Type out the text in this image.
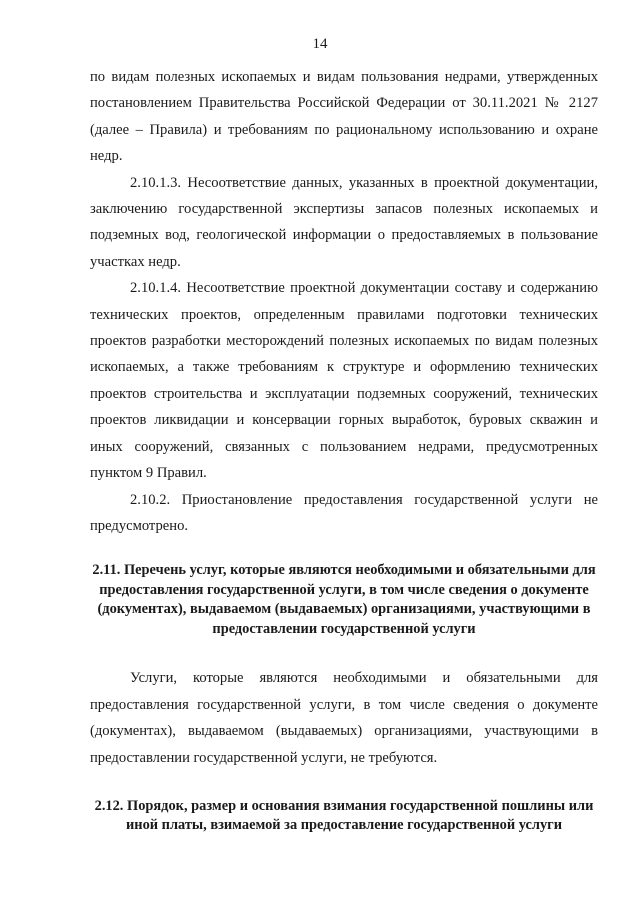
14

по видам полезных ископаемых и видам пользования недрами, утвержденных постановлением Правительства Российской Федерации от 30.11.2021 № 2127 (далее – Правила) и требованиям по рациональному использованию и охране недр.

2.10.1.3. Несоответствие данных, указанных в проектной документации, заключению государственной экспертизы запасов полезных ископаемых и подземных вод, геологической информации о предоставляемых в пользование участках недр.

2.10.1.4. Несоответствие проектной документации составу и содержанию технических проектов, определенным правилами подготовки технических проектов разработки месторождений полезных ископаемых по видам полезных ископаемых, а также требованиям к структуре и оформлению технических проектов строительства и эксплуатации подземных сооружений, технических проектов ликвидации и консервации горных выработок, буровых скважин и иных сооружений, связанных с пользованием недрами, предусмотренных пунктом 9 Правил.

2.10.2. Приостановление предоставления государственной услуги не предусмотрено.

2.11. Перечень услуг, которые являются необходимыми и обязательными для предоставления государственной услуги, в том числе сведения о документе (документах), выдаваемом (выдаваемых) организациями, участвующими в предоставлении государственной услуги

Услуги, которые являются необходимыми и обязательными для предоставления государственной услуги, в том числе сведения о документе (документах), выдаваемом (выдаваемых) организациями, участвующими в предоставлении государственной услуги, не требуются.

2.12. Порядок, размер и основания взимания государственной пошлины или иной платы, взимаемой за предоставление государственной услуги
